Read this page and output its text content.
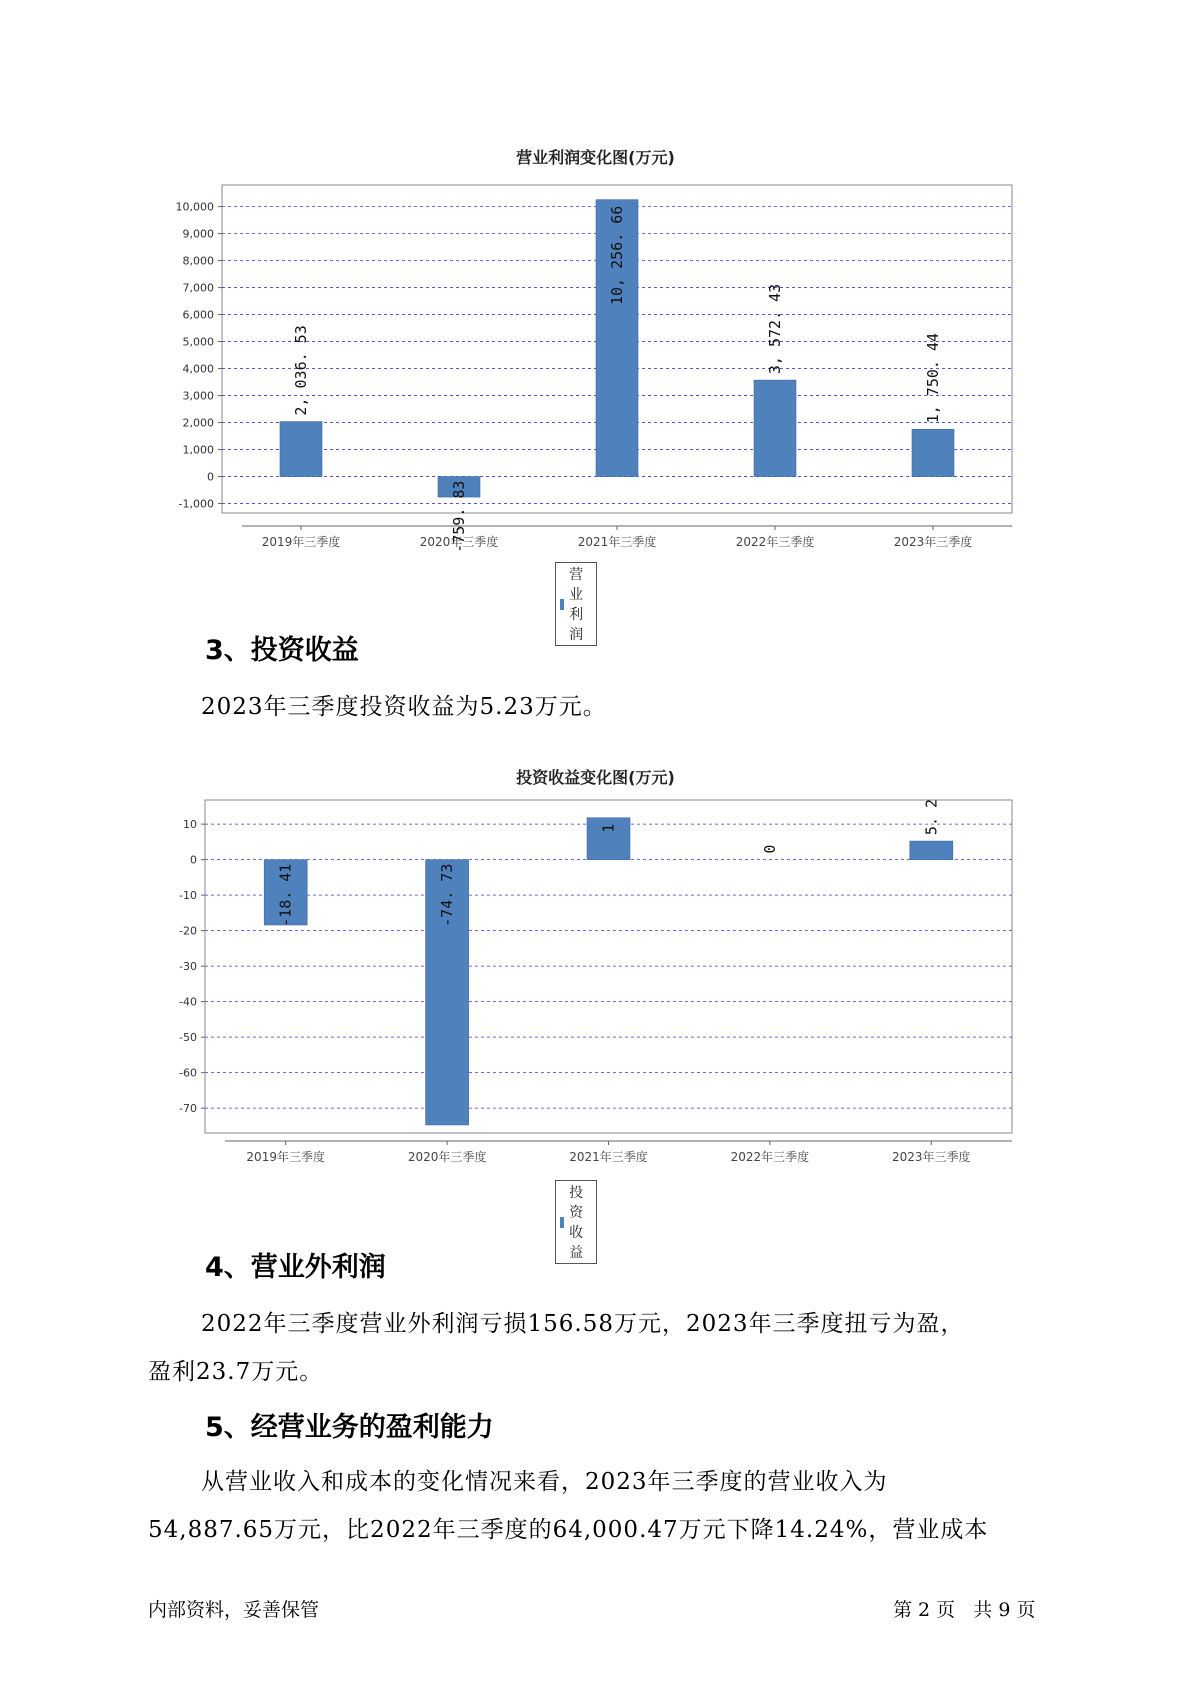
营业利润变化图(万元)
10,000
9,000
8,000
7,000
6,000
5,000
4,000
3,000
2,000
1,000
0
-1,000
2019年三季度	2020年三季度	2021年三季度	2022年三季度	2023年三季度
2, 036. 53
-759. 83
10, 256. 66
3, 572. 43
1, 750. 44
营业利润
3、投资收益
2023年三季度投资收益为5.23万元。
投资收益变化图(万元)
10
0
-10
-20
-30
-40
-50
-60
-70
2019年三季度	2020年三季度	2021年三季度	2022年三季度	2023年三季度
-18. 41	-74. 73
1
0
5. 2
投资收益
4、营业外利润
2022年三季度营业外利润亏损156.58万元，2023年三季度扭亏为盈，
盈利23.7万元。
5、经营业务的盈利能力
从营业收入和成本的变化情况来看，2023年三季度的营业收入为
54,887.65万元，比2022年三季度的64,000.47万元下降14.24%，营业成本
内部资料，妥善保管	第 2 页   共 9 页
